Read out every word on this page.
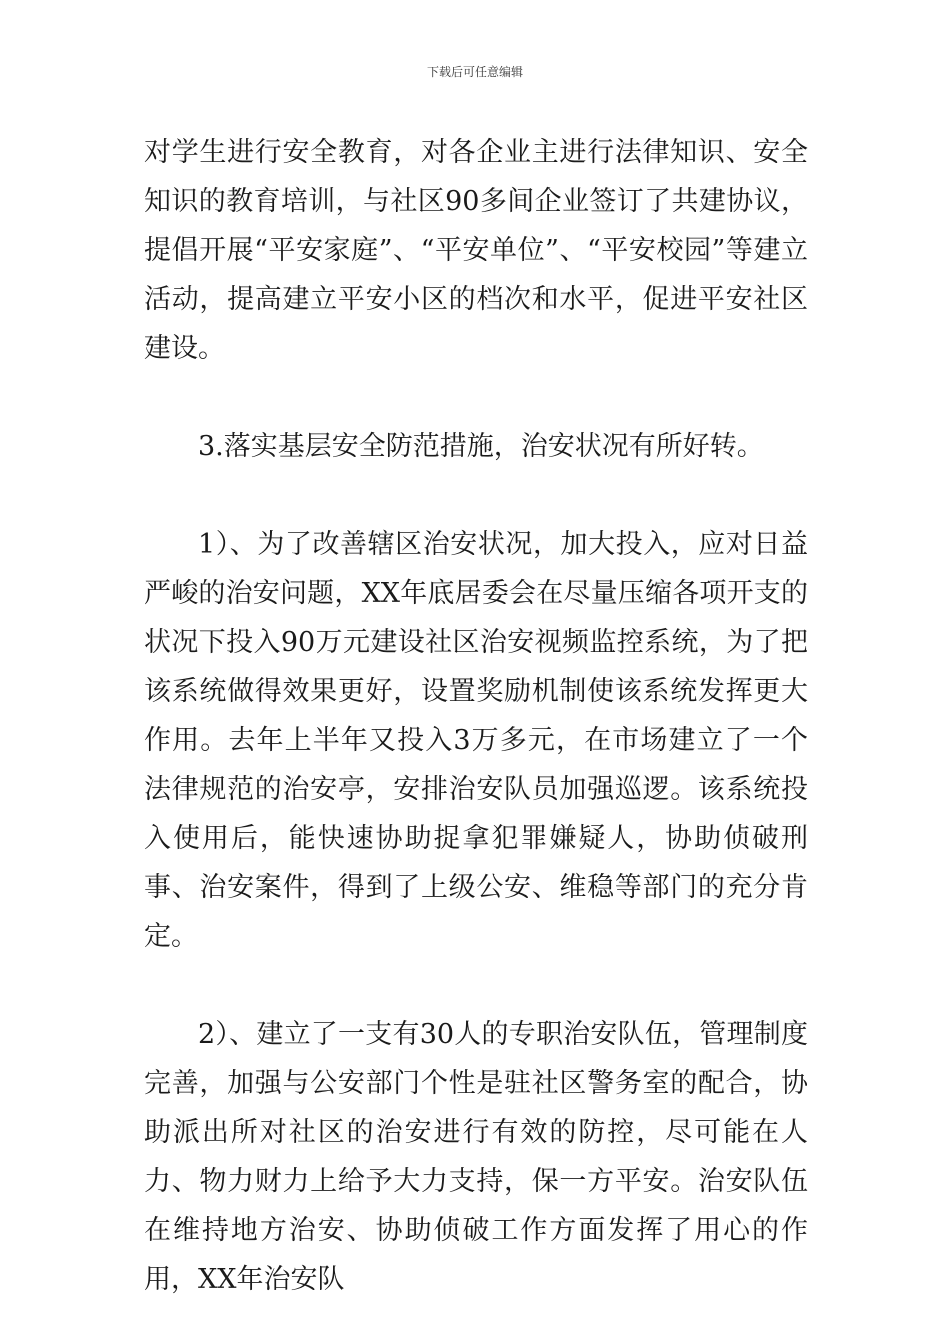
下载后可任意编辑

对学生进行安全教育，对各企业主进行法律知识、安全知识的教育培训，与社区90多间企业签订了共建协议，提倡开展“平安家庭”、“平安单位”、“平安校园”等建立活动，提高建立平安小区的档次和水平，促进平安社区建设。

3.落实基层安全防范措施，治安状况有所好转。

1）、为了改善辖区治安状况，加大投入，应对日益严峻的治安问题，XX年底居委会在尽量压缩各项开支的状况下投入90万元建设社区治安视频监控系统，为了把该系统做得效果更好，设置奖励机制使该系统发挥更大作用。去年上半年又投入3万多元，在市场建立了一个法律规范的治安亭，安排治安队员加强巡逻。该系统投入使用后，能快速协助捉拿犯罪嫌疑人，协助侦破刑事、治安案件，得到了上级公安、维稳等部门的充分肯定。

2）、建立了一支有30人的专职治安队伍，管理制度完善，加强与公安部门个性是驻社区警务室的配合，协助派出所对社区的治安进行有效的防控，尽可能在人力、物力财力上给予大力支持，保一方平安。治安队伍在维持地方治安、协助侦破工作方面发挥了用心的作用，XX年治安队
